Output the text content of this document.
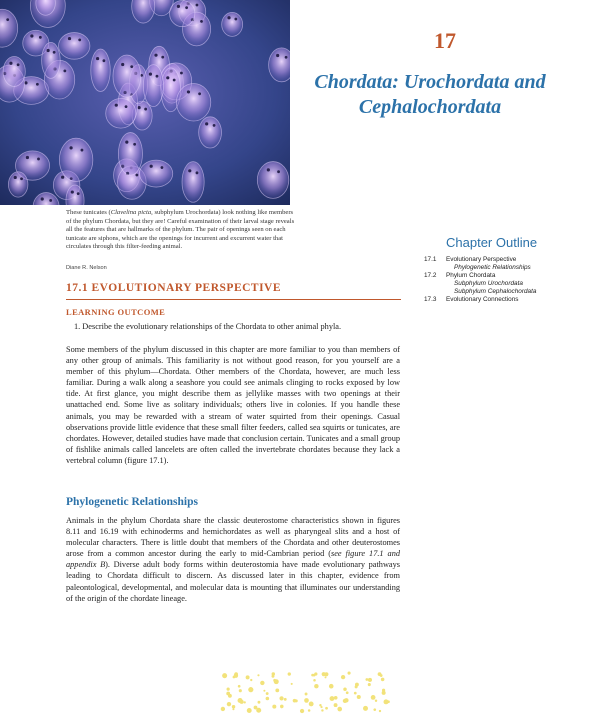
These tunicates (Clavelina picta, subphylum Urochordata) look nothing like members of the phylum Chordata, but they are! Careful examination of their larval stage reveals all the features that are hallmarks of the phylum. The pair of openings seen on each tunicate are siphons, which are the openings for incurrent and excurrent water that circulates through this filter-feeding animal.
Diane R. Nelson
17
Chordata: Urochordata and
Cephalochordata
Chapter Outline
17.1	Evolutionary Perspective
Phylogenetic Relationships
17.2	Phylum Chordata
Subphylum Urochordata
Subphylum Cephalochordata
17.3	Evolutionary Connections
17.1 EVOLUTIONARY PERSPECTIVE
LEARNING OUTCOME
1. Describe the evolutionary relationships of the Chordata to other animal phyla.
Some members of the phylum discussed in this chapter are more familiar to you than members of any other group of animals. This familiarity is not without good reason, for you yourself are a member of this phylum—Chordata. Other members of the Chordata, however, are much less familiar. During a walk along a seashore you could see animals clinging to rocks exposed by low tide. At first glance, you might describe them as jellylike masses with two openings at their unattached end. Some live as solitary individuals; others live in colonies. If you handle these animals, you may be rewarded with a stream of water squirted from their openings. Casual observations provide little evidence that these small filter feeders, called sea squirts or tunicates, are chordates. However, detailed studies have made that conclusion certain. Tunicates and a small group of fishlike animals called lancelets are often called the invertebrate chordates because they lack a vertebral column (figure 17.1).
Phylogenetic Relationships
Animals in the phylum Chordata share the classic deuterostome characteristics shown in figures 8.11 and 16.19 with echinoderms and hemichordates as well as pharyngeal slits and a host of molecular characters. There is little doubt that members of the Chordata and other deuterostomes arose from a common ancestor during the early to mid-Cambrian period (see figure 17.1 and appendix B). Diverse adult body forms within deuterostomia have made evolutionary pathways leading to Chordata difficult to discern. As discussed later in this chapter, evidence from paleontological, developmental, and molecular data is mounting that illuminates our understanding of the origin of the chordate lineage.
